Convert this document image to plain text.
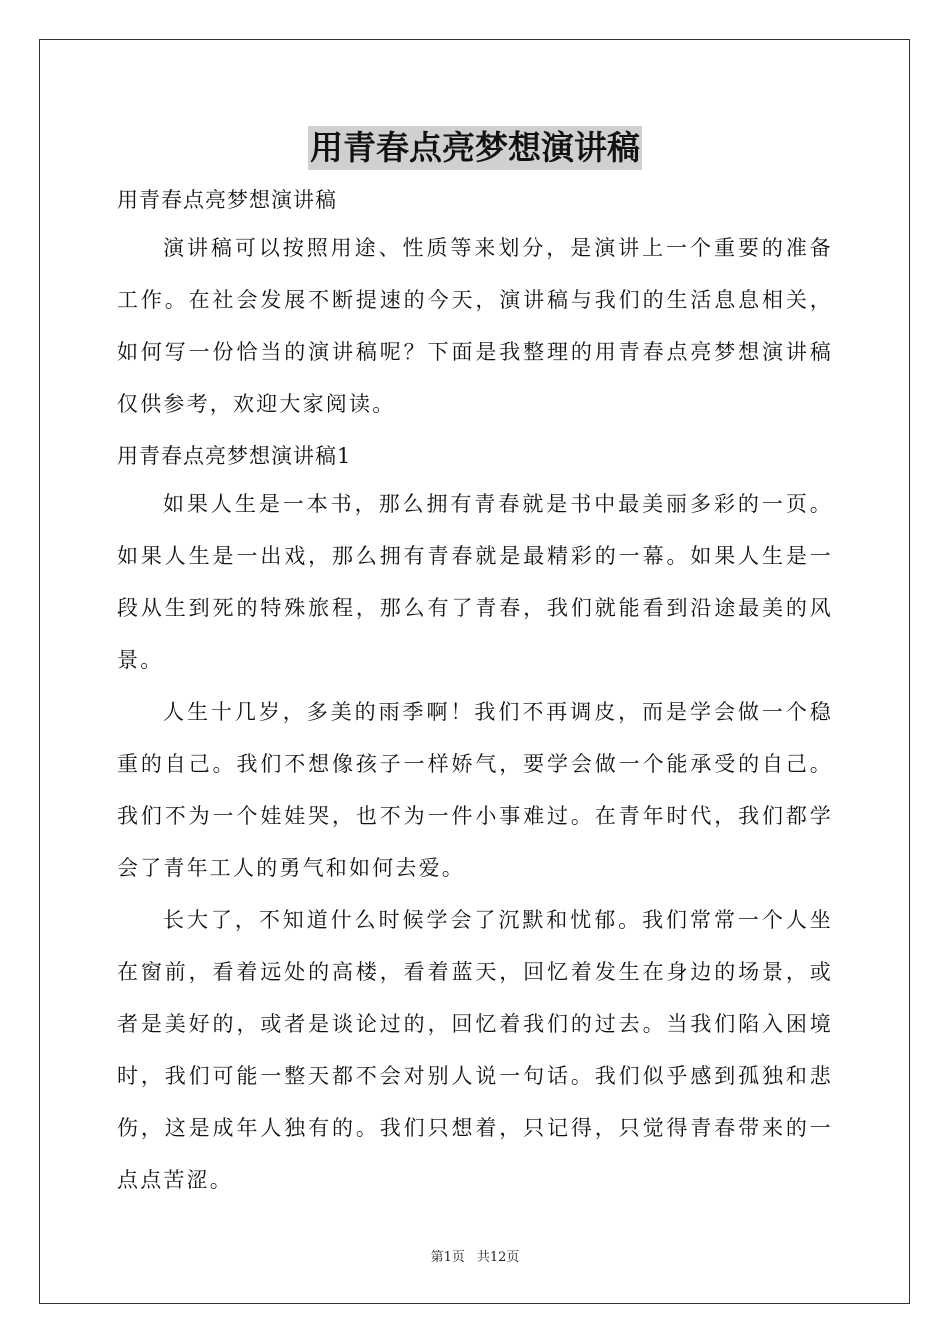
用青春点亮梦想演讲稿

用青春点亮梦想演讲稿

演讲稿可以按照用途、性质等来划分，是演讲上一个重要的准备工作。在社会发展不断提速的今天，演讲稿与我们的生活息息相关，如何写一份恰当的演讲稿呢？下面是我整理的用青春点亮梦想演讲稿仅供参考，欢迎大家阅读。

用青春点亮梦想演讲稿1

如果人生是一本书，那么拥有青春就是书中最美丽多彩的一页。如果人生是一出戏，那么拥有青春就是最精彩的一幕。如果人生是一段从生到死的特殊旅程，那么有了青春，我们就能看到沿途最美的风景。

人生十几岁，多美的雨季啊！我们不再调皮，而是学会做一个稳重的自己。我们不想像孩子一样娇气，要学会做一个能承受的自己。我们不为一个娃娃哭，也不为一件小事难过。在青年时代，我们都学会了青年工人的勇气和如何去爱。

长大了，不知道什么时候学会了沉默和忧郁。我们常常一个人坐在窗前，看着远处的高楼，看着蓝天，回忆着发生在身边的场景，或者是美好的，或者是谈论过的，回忆着我们的过去。当我们陷入困境时，我们可能一整天都不会对别人说一句话。我们似乎感到孤独和悲伤，这是成年人独有的。我们只想着，只记得，只觉得青春带来的一点点苦涩。

第1页 共12页
